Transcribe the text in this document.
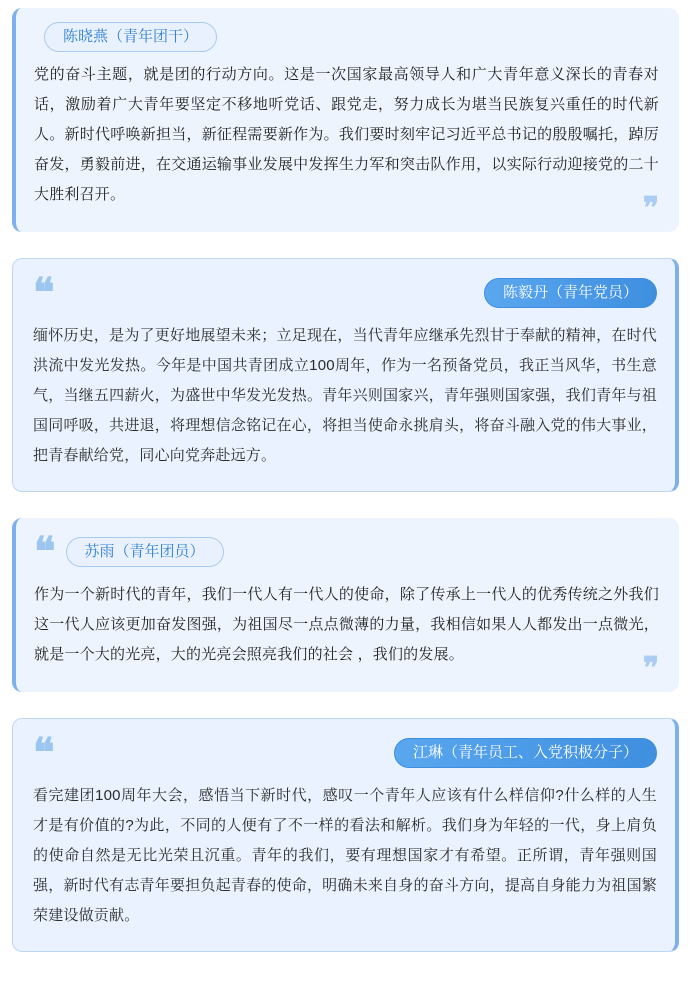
陈晓燕（青年团干）

党的奋斗主题，就是团的行动方向。这是一次国家最高领导人和广大青年意义深长的青春对话，激励着广大青年要坚定不移地听党话、跟党走，努力成长为堪当民族复兴重任的时代新人。新时代呼唤新担当，新征程需要新作为。我们要时刻牢记习近平总书记的殷殷嘱托，踔厉奋发，勇毅前进，在交通运输事业发展中发挥生力军和突击队作用，以实际行动迎接党的二十大胜利召开。	❞
❝	陈毅丹（青年党员）

缅怀历史，是为了更好地展望未来；立足现在，当代青年应继承先烈甘于奉献的精神，在时代洪流中发光发热。今年是中国共青团成立100周年，作为一名预备党员，我正当风华，书生意气，当继五四薪火，为盛世中华发光发热。青年兴则国家兴，青年强则国家强，我们青年与祖国同呼吸，共进退，将理想信念铭记在心，将担当使命永挑肩头，将奋斗融入党的伟大事业，把青春献给党，同心向党奔赴远方。

❝	苏雨（青年团员）

作为一个新时代的青年，我们一代人有一代人的使命，除了传承上一代人的优秀传统之外我们这一代人应该更加奋发图强，为祖国尽一点点微薄的力量，我相信如果人人都发出一点微光，就是一个大的光亮，大的光亮会照亮我们的社会 ，我们的发展。	❞
❝	江琳（青年员工、入党积极分子）

看完建团100周年大会，感悟当下新时代，感叹一个青年人应该有什么样信仰?什么样的人生才是有价值的?为此，不同的人便有了不一样的看法和解析。我们身为年轻的一代，身上肩负的使命自然是无比光荣且沉重。青年的我们，要有理想国家才有希望。正所谓，青年强则国强，新时代有志青年要担负起青春的使命，明确未来自身的奋斗方向，提高自身能力为祖国繁荣建设做贡献。
